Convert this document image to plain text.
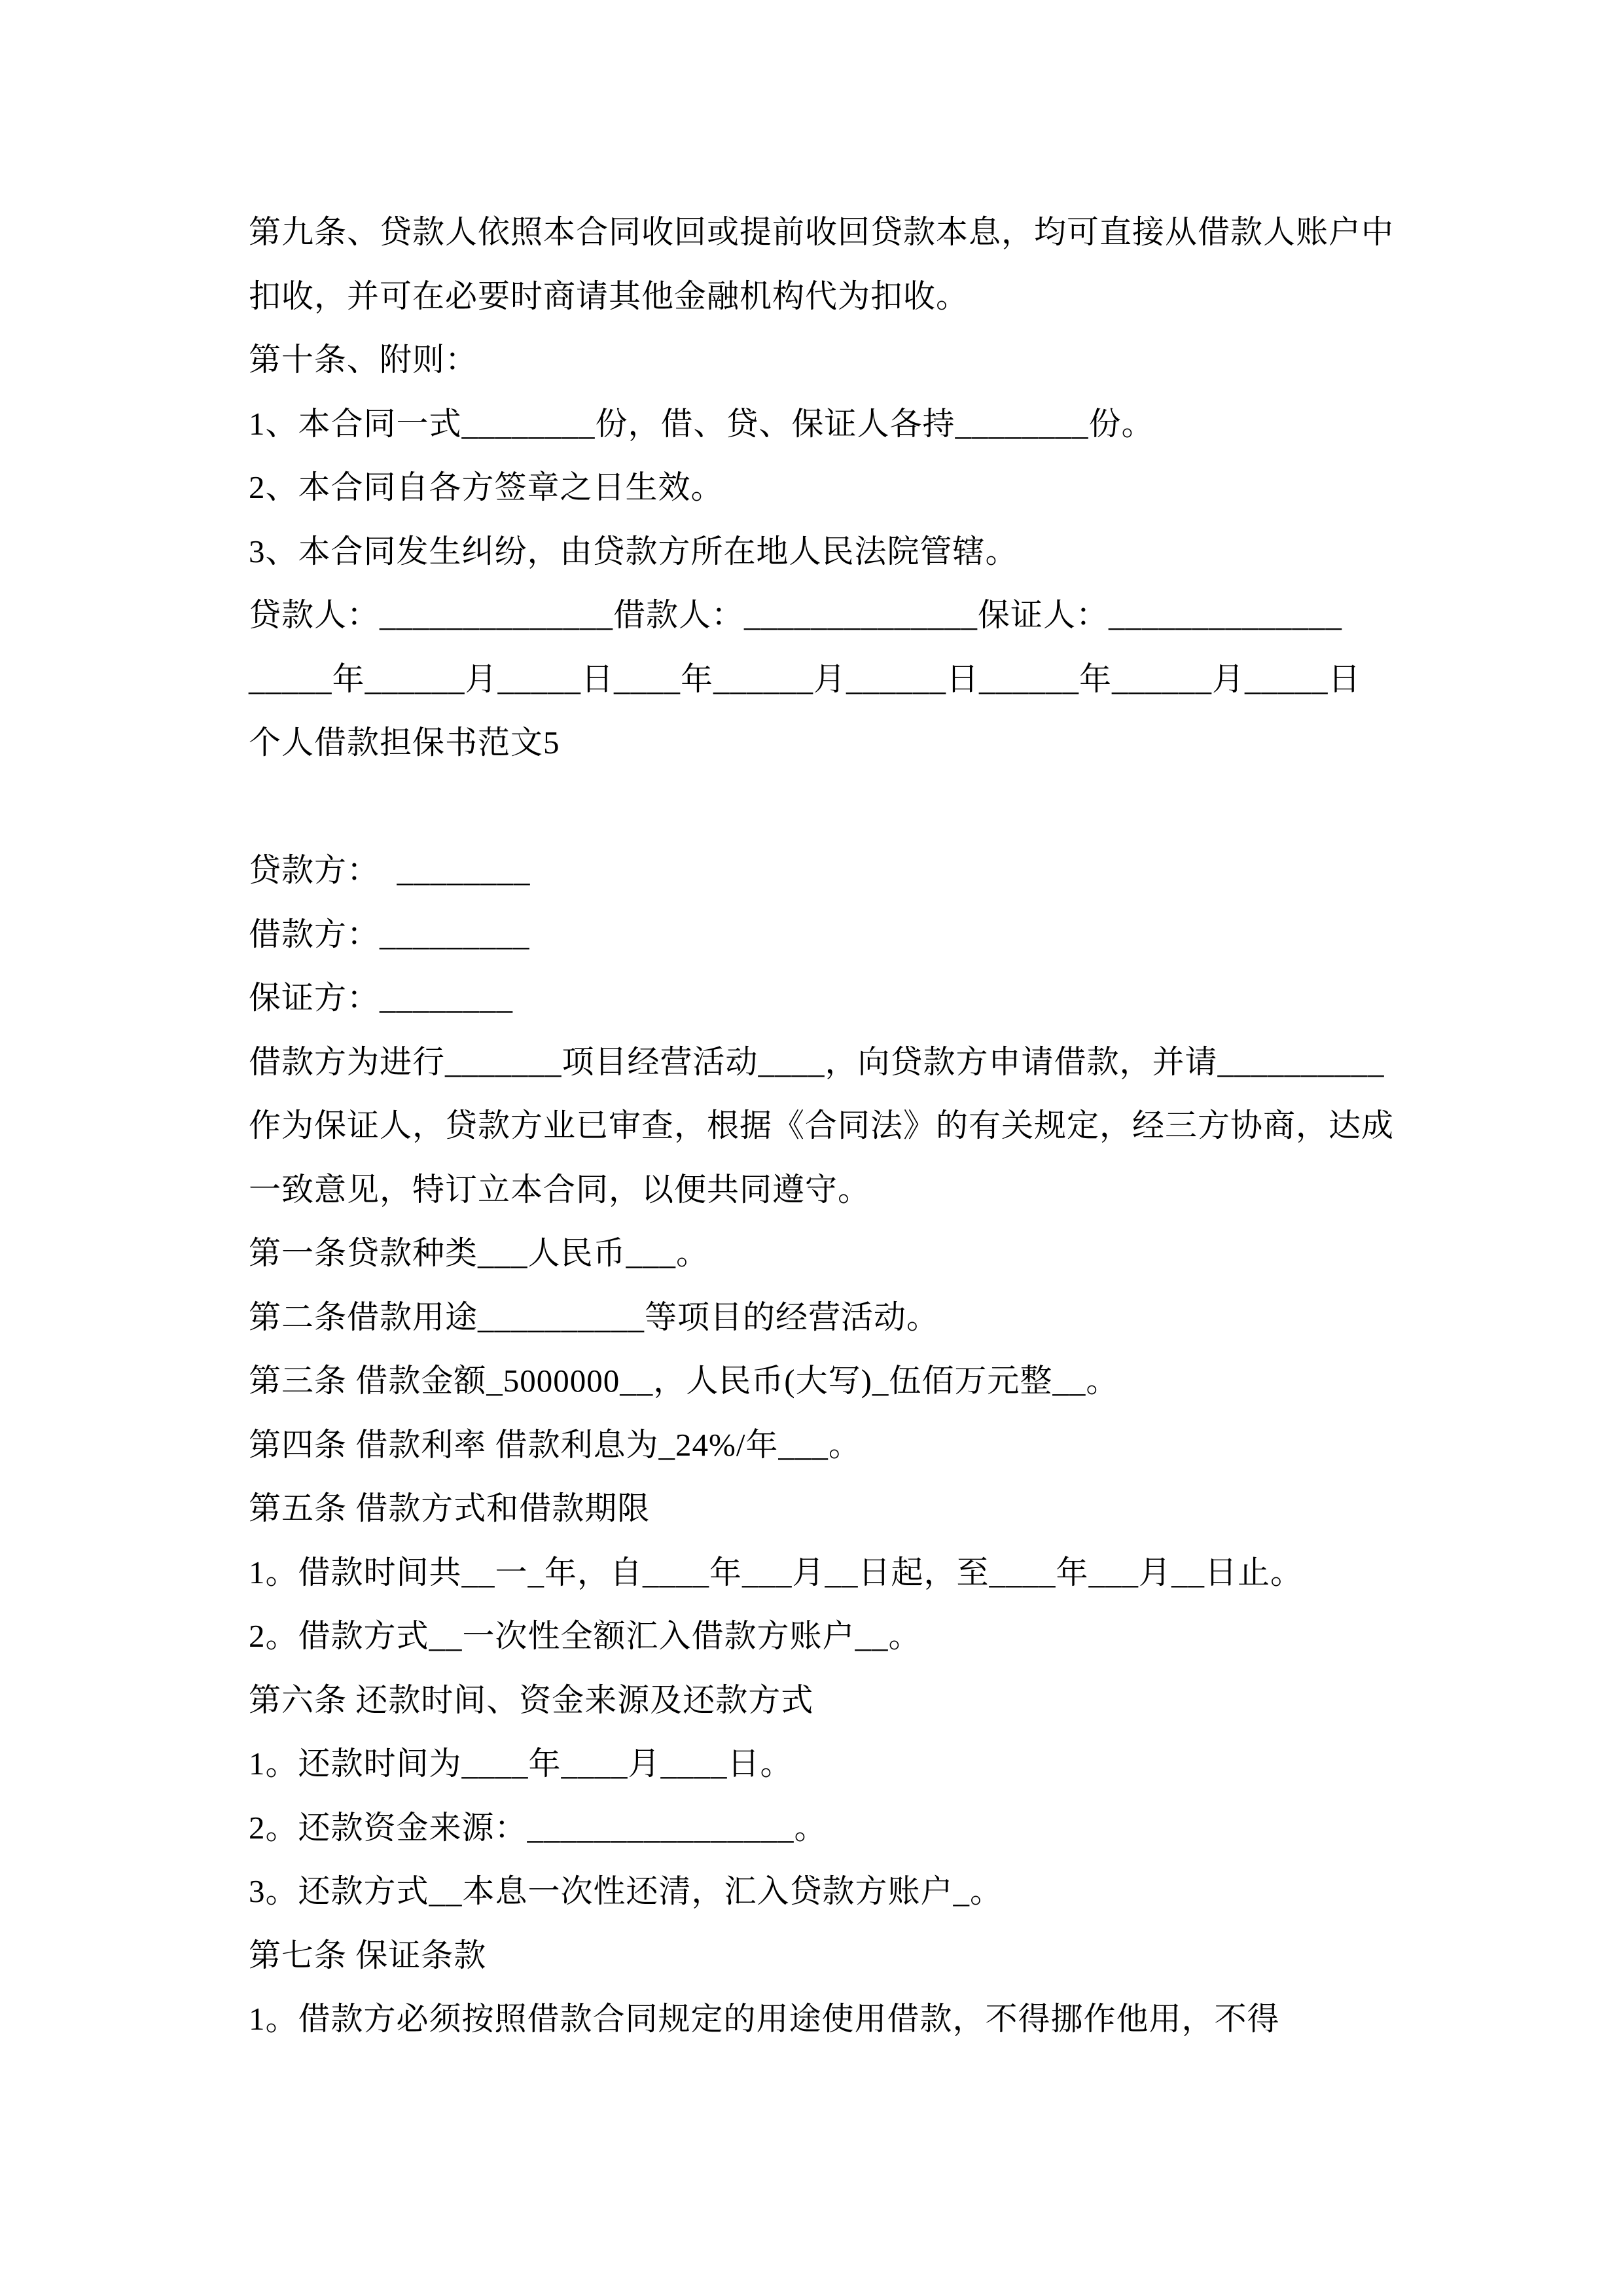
第九条、贷款人依照本合同收回或提前收回贷款本息，均可直接从借款人账户中
扣收，并可在必要时商请其他金融机构代为扣收。
第十条、附则：
1、本合同一式________份，借、贷、保证人各持________份。
2、本合同自各方签章之日生效。
3、本合同发生纠纷，由贷款方所在地人民法院管辖。
贷款人：______________借款人：______________保证人：______________
_____年______月_____日____年______月______日______年______月_____日
个人借款担保书范文5
贷款方：  ________
借款方：_________
保证方：________
借款方为进行_______项目经营活动____，向贷款方申请借款，并请__________
作为保证人，贷款方业已审查，根据《合同法》的有关规定，经三方协商，达成
一致意见，特订立本合同，以便共同遵守。
第一条贷款种类___人民币___。
第二条借款用途__________等项目的经营活动。
第三条 借款金额_5000000__，人民币(大写)_伍佰万元整__。
第四条 借款利率 借款利息为_24%/年___。
第五条 借款方式和借款期限
1。借款时间共__一_年，自____年___月__日起，至____年___月__日止。
2。借款方式__一次性全额汇入借款方账户__。
第六条 还款时间、资金来源及还款方式
1。还款时间为____年____月____日。
2。还款资金来源：________________。
3。还款方式__本息一次性还清，汇入贷款方账户_。
第七条 保证条款
1。借款方必须按照借款合同规定的用途使用借款，不得挪作他用，不得
